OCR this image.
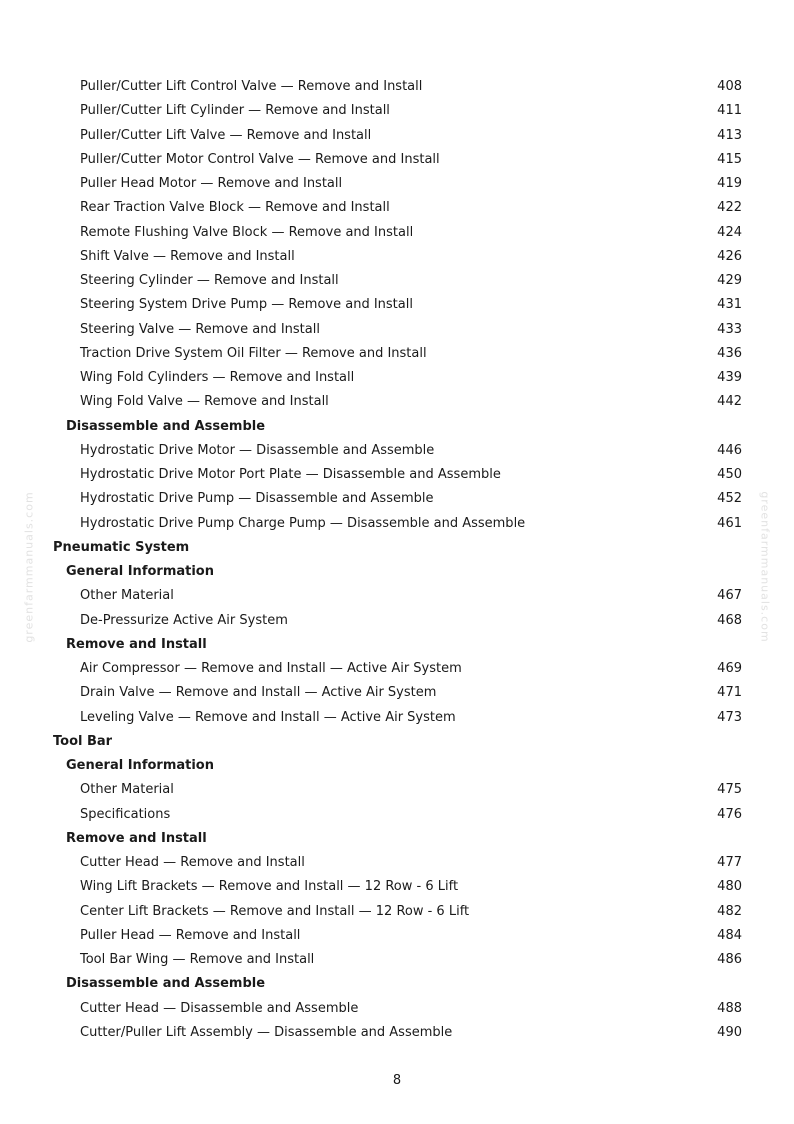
Puller/Cutter Lift Control Valve — Remove and Install	408
Puller/Cutter Lift Cylinder — Remove and Install	411
Puller/Cutter Lift Valve — Remove and Install	413
Puller/Cutter Motor Control Valve — Remove and Install	415
Puller Head Motor — Remove and Install	419
Rear Traction Valve Block — Remove and Install	422
Remote Flushing Valve Block — Remove and Install	424
Shift Valve — Remove and Install	426
Steering Cylinder — Remove and Install	429
Steering System Drive Pump — Remove and Install	431
Steering Valve — Remove and Install	433
Traction Drive System Oil Filter — Remove and Install	436
Wing Fold Cylinders — Remove and Install	439
Wing Fold Valve — Remove and Install	442
Disassemble and Assemble
Hydrostatic Drive Motor — Disassemble and Assemble	446
Hydrostatic Drive Motor Port Plate — Disassemble and Assemble	450
Hydrostatic Drive Pump — Disassemble and Assemble	452
Hydrostatic Drive Pump Charge Pump — Disassemble and Assemble	461
Pneumatic System
General Information
Other Material	467
De-Pressurize Active Air System	468
Remove and Install
Air Compressor — Remove and Install — Active Air System	469
Drain Valve — Remove and Install — Active Air System	471
Leveling Valve — Remove and Install — Active Air System	473
Tool Bar
General Information
Other Material	475
Specifications	476
Remove and Install
Cutter Head — Remove and Install	477
Wing Lift Brackets — Remove and Install — 12 Row - 6 Lift	480
Center Lift Brackets — Remove and Install — 12 Row - 6 Lift	482
Puller Head — Remove and Install	484
Tool Bar Wing — Remove and Install	486
Disassemble and Assemble
Cutter Head — Disassemble and Assemble	488
Cutter/Puller Lift Assembly — Disassemble and Assemble	490
greenfarmmanuals.com	greenfarmmanuals.com
8
